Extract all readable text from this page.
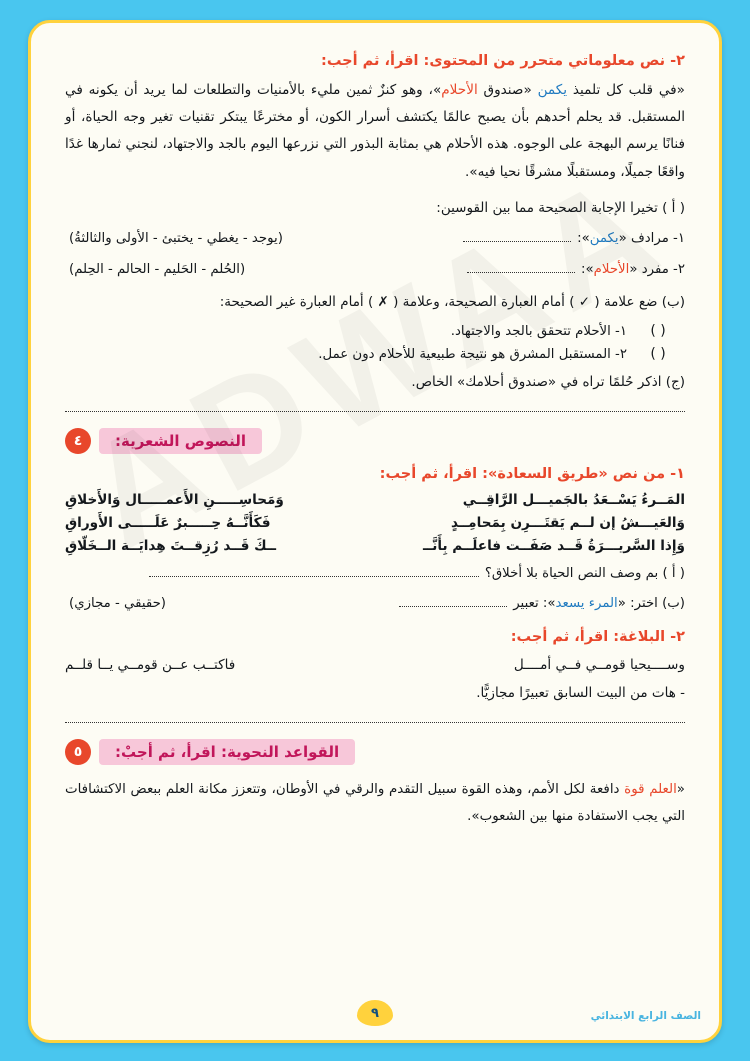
٢- نص معلوماتي متحرر من المحتوى: اقرأ، ثم أجب:
«في قلب كل تلميذ يكمن «صندوق الأحلام»، وهو كنزٌ ثمين مليء بالأمنيات والتطلعات لما يريد أن يكونه في المستقبل. قد يحلم أحدهم بأن يصبح عالمًا يكتشف أسرار الكون، أو مخترعًا يبتكر تقنيات تغير وجه الحياة، أو فنانًا يرسم البهجة على الوجوه. هذه الأحلام هي بمثابة البذور التي نزرعها اليوم بالجد والاجتهاد، لنجني ثمارها غدًا واقعًا جميلًا، ومستقبلًا مشرقًا نحيا فيه».
( أ ) تخيرا الإجابة الصحيحة مما بين القوسين:
١- مرادف «يكمن»:
(يوجد - يغطي - يختبئ - الأولى والثالثةُ)
٢- مفرد «الأحلام»:
(الحُلم - الحَليم - الحالم - الحِلم)
(ب) ضع علامة ( ✓ ) أمام العبارة الصحيحة، وعلامة ( ✗ ) أمام العبارة غير الصحيحة:
( )
١- الأحلام تتحقق بالجد والاجتهاد.
( )
٢- المستقبل المشرق هو نتيجة طبيعية للأحلام دون عمل.
(ج) اذكر حُلمًا تراه في «صندوق أحلامك» الخاص.
النصوص الشعرية:
٤
١- من نص «طريق السعادة»: اقرأ، ثم أجب:
المَــرءُ يَسْــعَدُ بالجَميـــل الرَّاقِــي
وَمَحاسِـــــنِ الأَعمـــــال وَالأَخلاقِ
وَالعَيـــشُ إن لــم يَقتَـــرِن بِمَحامِــدٍ
فَكَأَنَّــهُ حِـــــبرٌ عَلَـــــى الأَوراقِ
وَإِذا السَّريـــرَةُ قَــد صَفَــت فاعلَــم بِأَنَّــ
ــكَ قَــد رُزِقــتَ هِدايَــة الــخَلّاقِ
( أ ) بم وصف النص الحياة بلا أخلاق؟
(ب) اختر: «المرء يسعد»: تعبير
(حقيقي - مجازي)
٢- البلاغة: اقرأ، ثم أجب:
وســــيحيا قومــي فــي أمــــل
فاكتــب عــن قومــي يــا قلــم
- هات من البيت السابق تعبيرًا مجازيًّا.
القواعد النحوية: اقرأ، ثم أجبْ:
٥
«العلم قوة دافعة لكل الأمم، وهذه القوة سبيل التقدم والرقي في الأوطان، وتتعزز مكانة العلم ببعض الاكتشافات التي يجب الاستفادة منها بين الشعوب».
الصف الرابع الابتدائي
٩
